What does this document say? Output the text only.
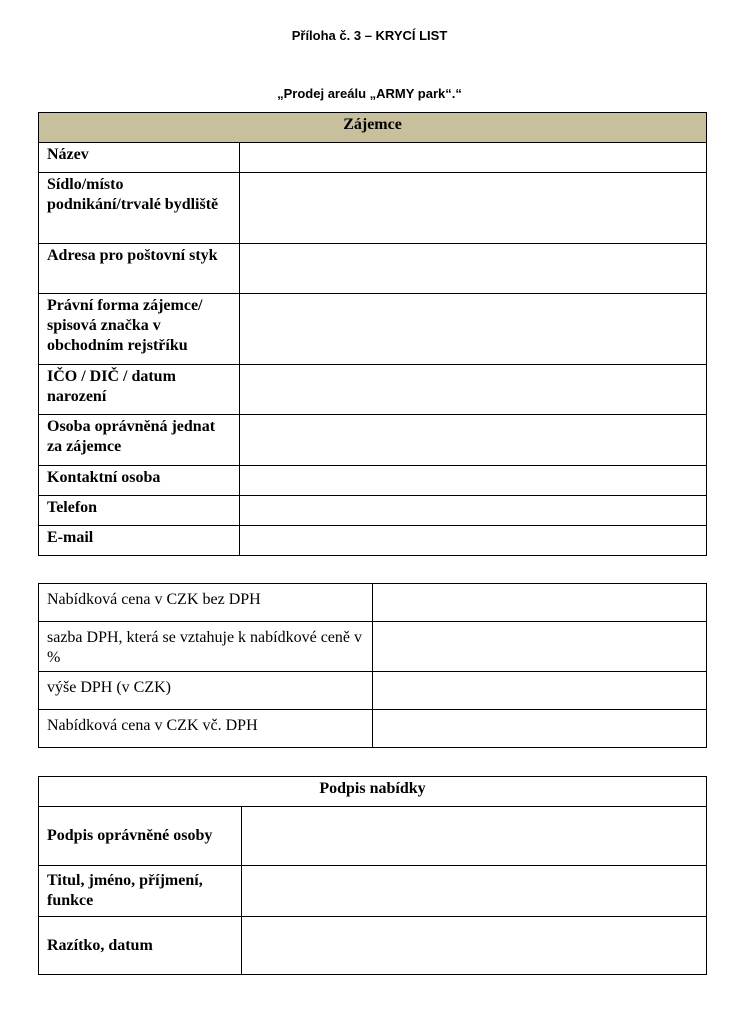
Příloha č. 3 – KRYCÍ LIST
„Prodej areálu „ARMY park“.“
Zájemce	
Název	
Sídlo/místo podnikání/trvalé bydliště	
Adresa pro poštovní styk	
Právní forma zájemce/ spisová značka v obchodním rejstříku	
IČO / DIČ / datum narození	
Osoba oprávněná jednat za zájemce	
Kontaktní osoba	
Telefon	
E-mail	
Nabídková cena v CZK bez DPH	
sazba DPH, která se vztahuje k nabídkové ceně v %	
výše DPH (v CZK)	
Nabídková cena v CZK vč. DPH	
Podpis nabídky	
Podpis oprávněné osoby	
Titul, jméno, příjmení, funkce	
Razítko, datum	
